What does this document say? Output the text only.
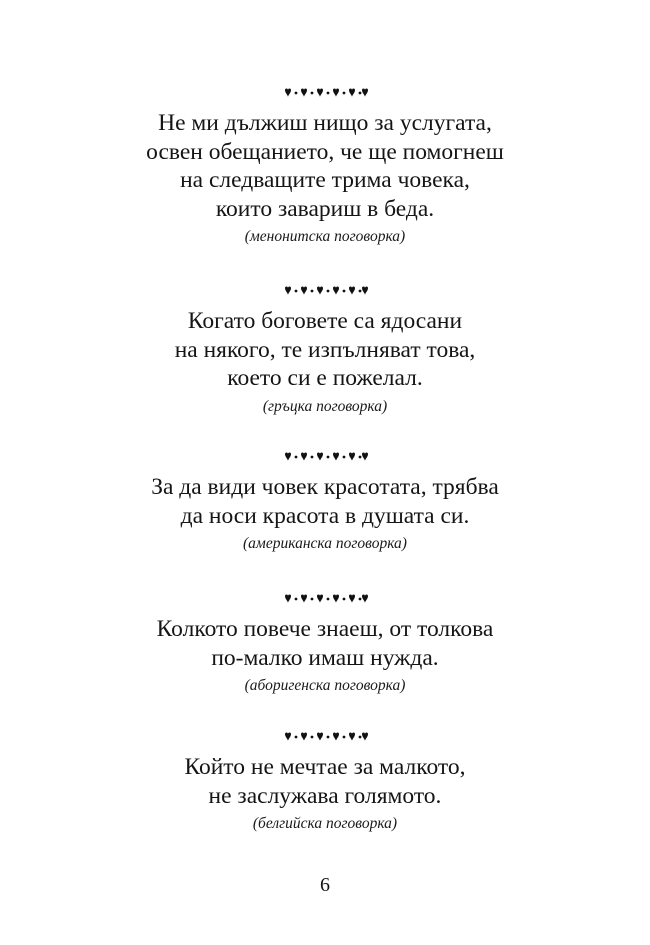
Не ми дължиш нищо за услугата,
освен обещанието, че ще помогнеш
на следващите трима човека,
които завариш в беда.
(менонитска поговорка)
Когато боговете са ядосани
на някого, те изпълняват това,
което си е пожелал.
(гръцка поговорка)
За да види човек красотата, трябва
да носи красота в душата си.
(американска поговорка)
Колкото повече знаеш, от толкова
по-малко имаш нужда.
(аборигенска поговорка)
Който не мечтае за малкото,
не заслужава голямото.
(белгийска поговорка)
6
